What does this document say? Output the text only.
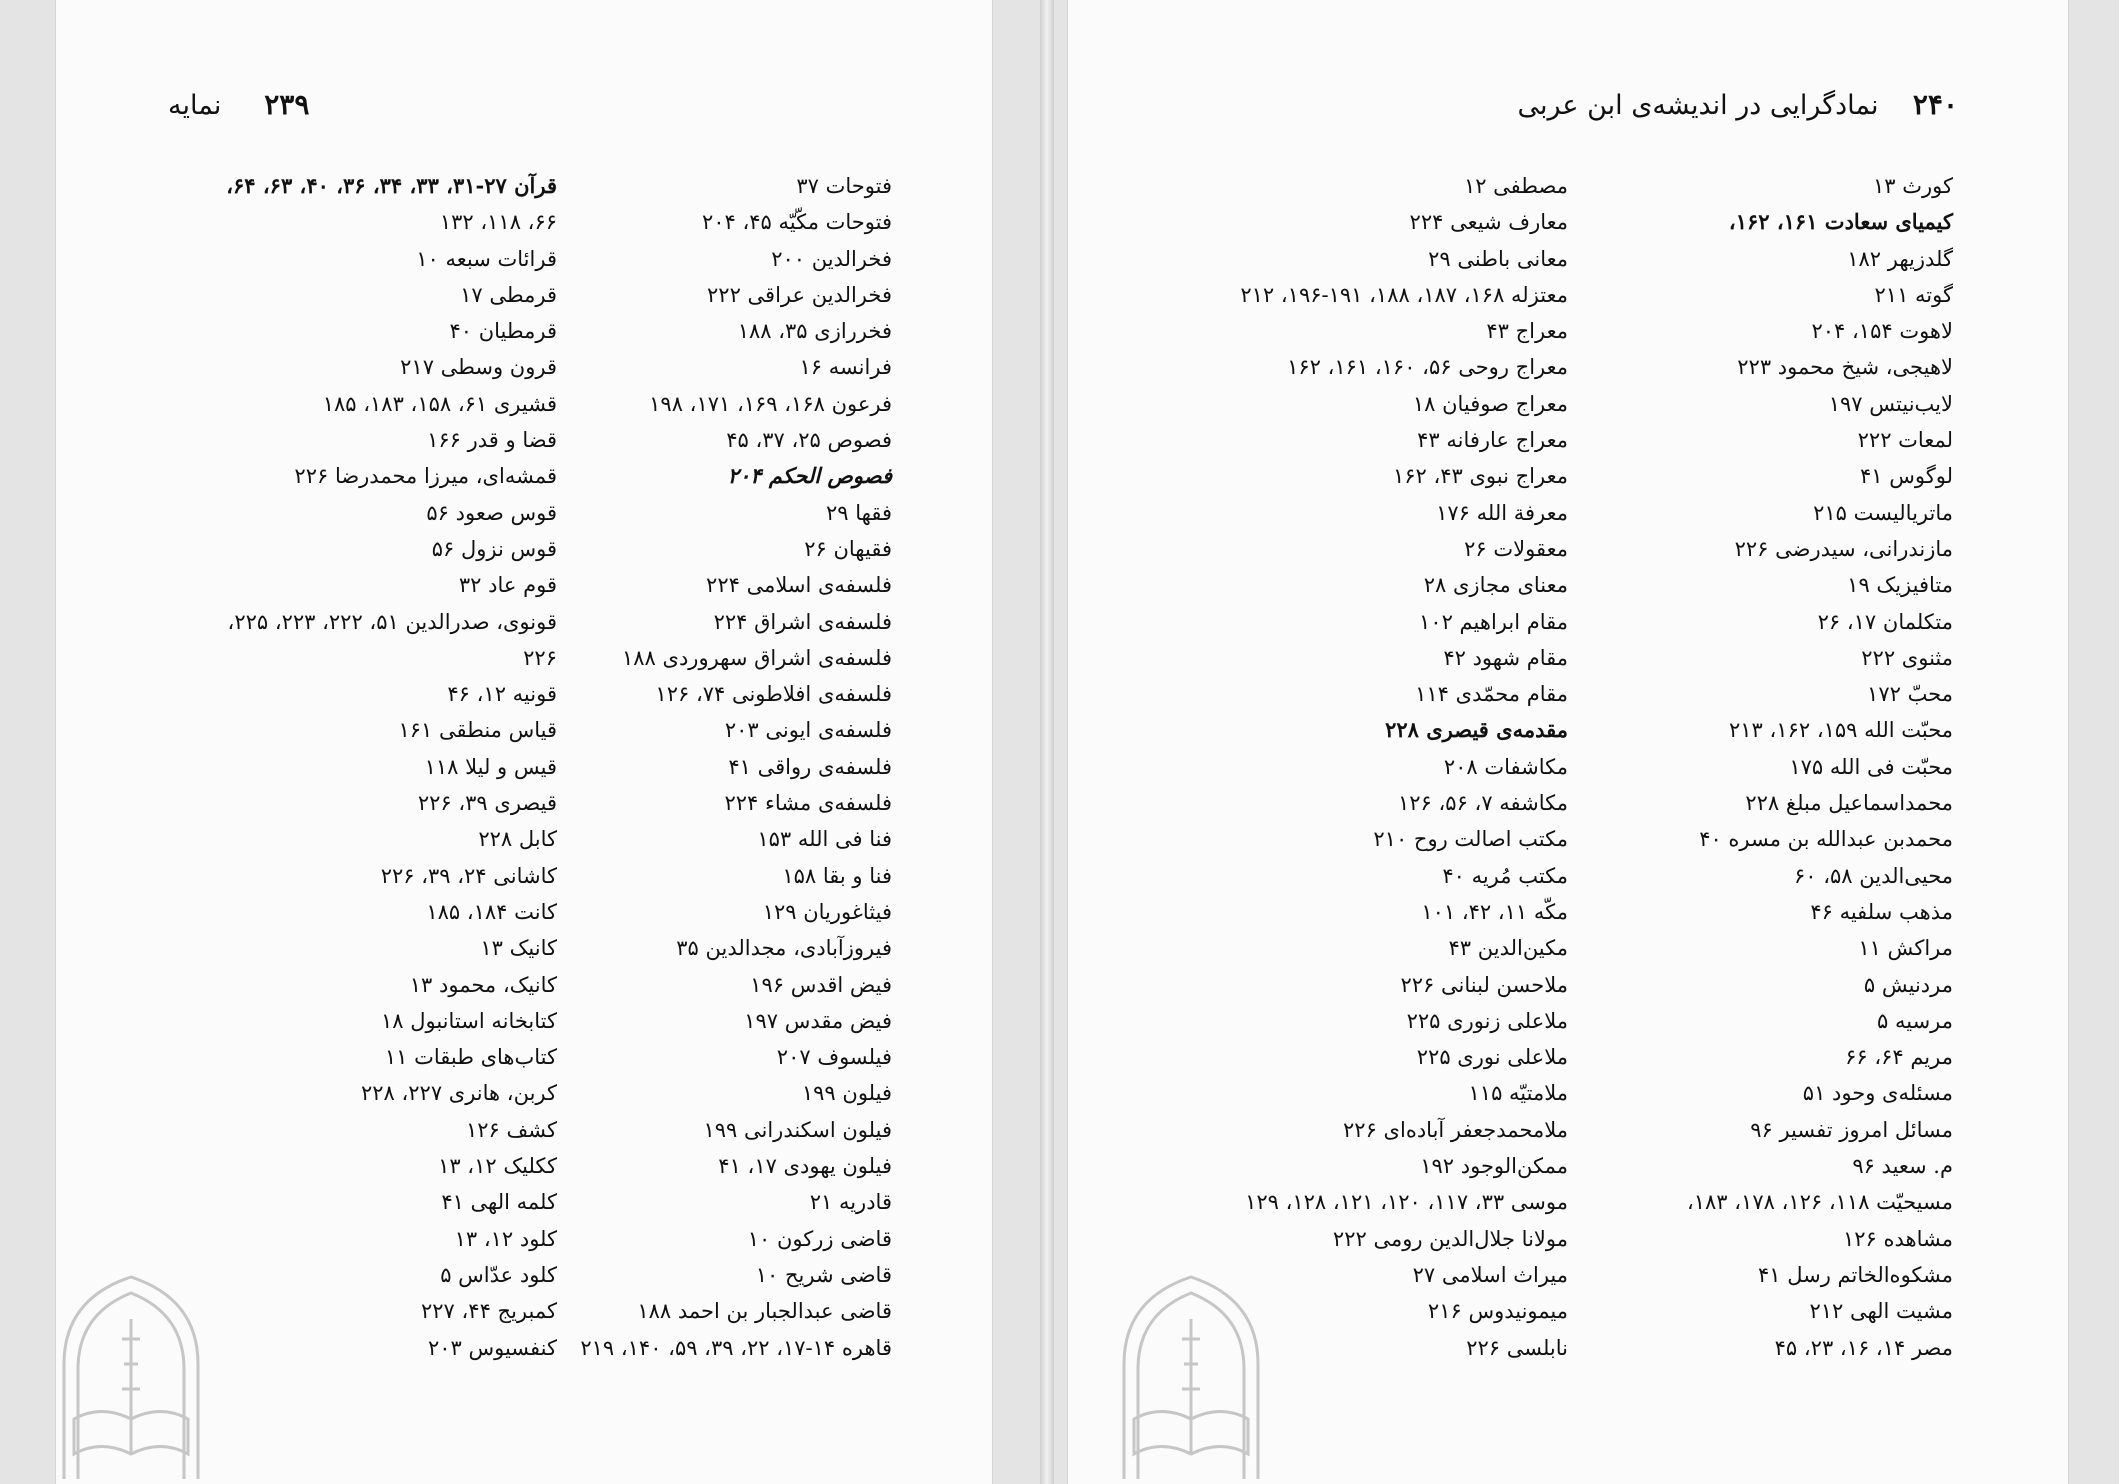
۲۳۹     نمایه
فتوحات ۳۷
فتوحات مکّیّه ۴۵، ۲۰۴
فخرالدین ۲۰۰
فخرالدین عراقی ۲۲۲
فخررازی ۳۵، ۱۸۸
فرانسه ۱۶
فرعون ۱۶۸، ۱۶۹، ۱۷۱، ۱۹۸
فصوص ۲۵، ۳۷، ۴۵
فصوص الحکم ۲۰۴
فقها ۲۹
فقیهان ۲۶
فلسفه‌ی اسلامی ۲۲۴
فلسفه‌ی اشراق ۲۲۴
فلسفه‌ی اشراق سهروردی ۱۸۸
فلسفه‌ی افلاطونی ۷۴، ۱۲۶
فلسفه‌ی ایونی ۲۰۳
فلسفه‌ی رواقی ۴۱
فلسفه‌ی مشاء ۲۲۴
فنا فی الله ۱۵۳
فنا و بقا ۱۵۸
فیثاغوریان ۱۲۹
فیروزآبادی، مجدالدین ۳۵
فیض اقدس ۱۹۶
فیض مقدس ۱۹۷
فیلسوف ۲۰۷
فیلون ۱۹۹
فیلون اسکندرانی ۱۹۹
فیلون یهودی ۱۷، ۴۱
قادریه ۲۱
قاضی زرکون ۱۰
قاضی شریح ۱۰
قاضی عبدالجبار بن احمد ۱۸۸
قاهره ۱۴-۱۷، ۲۲، ۳۹، ۵۹، ۱۴۰، ۲۱۹
قرآن ۲۷-۳۱، ۳۳، ۳۴، ۳۶، ۴۰، ۶۳، ۶۴،
۶۶، ۱۱۸، ۱۳۲
قرائات سبعه ۱۰
قرمطی ۱۷
قرمطیان ۴۰
قرون وسطی ۲۱۷
قشیری ۶۱، ۱۵۸، ۱۸۳، ۱۸۵
قضا و قدر ۱۶۶
قمشه‌ای، میرزا محمدرضا ۲۲۶
قوس صعود ۵۶
قوس نزول ۵۶
قوم عاد ۳۲
قونوی، صدرالدین ۵۱، ۲۲۲، ۲۲۳، ۲۲۵،
۲۲۶
قونیه ۱۲، ۴۶
قیاس منطقی ۱۶۱
قیس و لیلا ۱۱۸
قیصری ۳۹، ۲۲۶
کابل ۲۲۸
کاشانی ۲۴، ۳۹، ۲۲۶
کانت ۱۸۴، ۱۸۵
کانیک ۱۳
کانیک، محمود ۱۳
کتابخانه استانبول ۱۸
کتاب‌های طبقات ۱۱
کربن، هانری ۲۲۷، ۲۲۸
کشف ۱۲۶
ککلیک ۱۲، ۱۳
کلمه الهی ۴۱
کلود ۱۲، ۱۳
کلود عدّاس ۵
کمبریج ۴۴، ۲۲۷
کنفسیوس ۲۰۳
۲۴۰    نمادگرایی در اندیشه‌ی ابن عربی
کورث ۱۳
کیمیای سعادت ۱۶۱، ۱۶۲،
گلدزیهر ۱۸۲
گوته ۲۱۱
لاهوت ۱۵۴، ۲۰۴
لاهیجی، شیخ محمود ۲۲۳
لایب‌نیتس ۱۹۷
لمعات ۲۲۲
لوگوس ۴۱
ماتریالیست ۲۱۵
مازندرانی، سیدرضی ۲۲۶
متافیزیک ۱۹
متکلمان ۱۷، ۲۶
مثنوی ۲۲۲
محبّ ۱۷۲
محبّت الله ۱۵۹، ۱۶۲، ۲۱۳
محبّت فی الله ۱۷۵
محمداسماعیل مبلغ ۲۲۸
محمدبن عبدالله بن مسره ۴۰
محیی‌الدین ۵۸، ۶۰
مذهب سلفیه ۴۶
مراکش ۱۱
مردنیش ۵
مرسیه ۵
مریم ۶۴، ۶۶
مسئله‌ی وحود ۵۱
مسائل امروز تفسیر ۹۶
م. سعید ۹۶
مسیحیّت ۱۱۸، ۱۲۶، ۱۷۸، ۱۸۳،
مشاهده ۱۲۶
مشکوه‌الخاتم رسل ۴۱
مشیت الهی ۲۱۲
مصر ۱۴، ۱۶، ۲۳، ۴۵
مصطفی ۱۲
معارف شیعی ۲۲۴
معانی باطنی ۲۹
معتزله ۱۶۸، ۱۸۷، ۱۸۸، ۱۹۱-۱۹۶، ۲۱۲
معراج ۴۳
معراج روحی ۵۶، ۱۶۰، ۱۶۱، ۱۶۲
معراج صوفیان ۱۸
معراج عارفانه ۴۳
معراج نبوی ۴۳، ۱۶۲
معرفة الله ۱۷۶
معقولات ۲۶
معنای مجازی ۲۸
مقام ابراهیم ۱۰۲
مقام شهود ۴۲
مقام محمّدی ۱۱۴
مقدمه‌ی قیصری ۲۲۸
مکاشفات ۲۰۸
مکاشفه ۷، ۵۶، ۱۲۶
مکتب اصالت روح ۲۱۰
مکتب مُریه ۴۰
مکّه ۱۱، ۴۲، ۱۰۱
مکین‌الدین ۴۳
ملاحسن لبنانی ۲۲۶
ملاعلی زنوری ۲۲۵
ملاعلی نوری ۲۲۵
ملامتیّه ۱۱۵
ملامحمدجعفر آباده‌ای ۲۲۶
ممکن‌الوجود ۱۹۲
موسی ۳۳، ۱۱۷، ۱۲۰، ۱۲۱، ۱۲۸، ۱۲۹
مولانا جلال‌الدین رومی ۲۲۲
میراث اسلامی ۲۷
میمونیدوس ۲۱۶
نابلسی ۲۲۶
